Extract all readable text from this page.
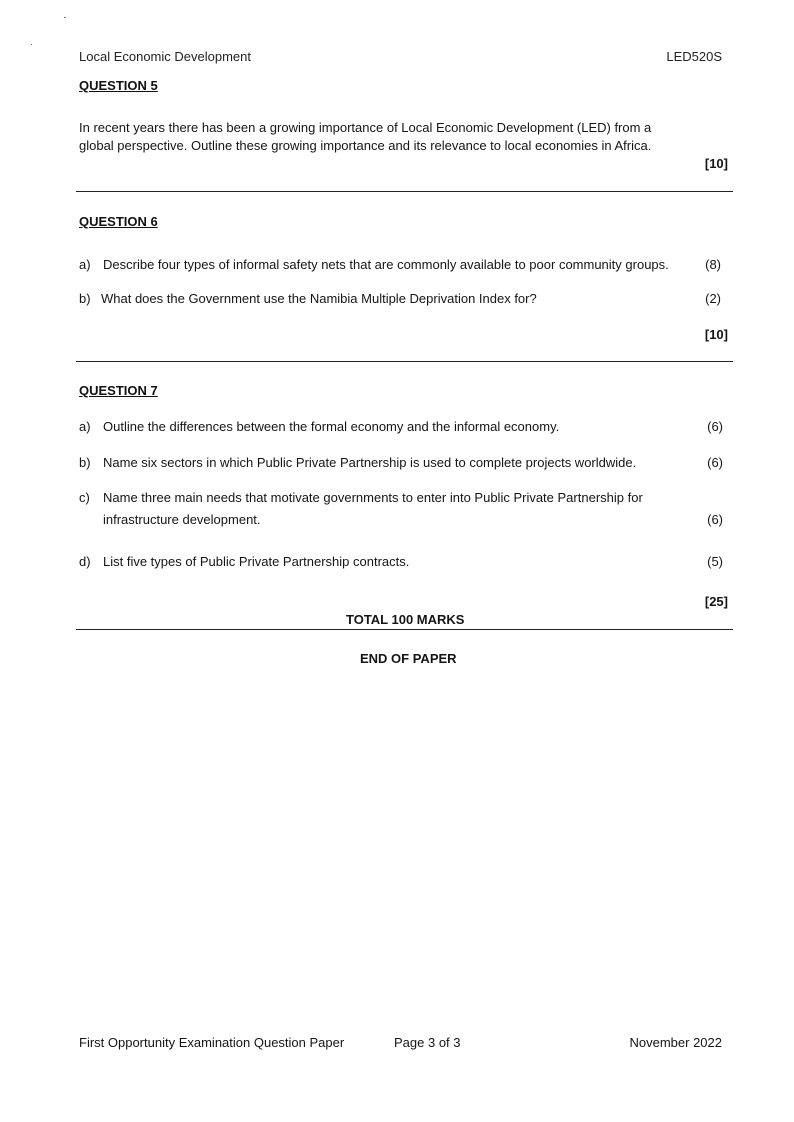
Local Economic Development	LED520S
QUESTION 5
In recent years there has been a growing importance of Local Economic Development (LED) from a
global perspective. Outline these growing importance and its relevance to local economies in Africa.
[10]
QUESTION 6
a) Describe four types of informal safety nets that are commonly available to poor community groups.	(8)
b) What does the Government use the Namibia Multiple Deprivation Index for?	(2)
[10]
QUESTION 7
a) Outline the differences between the formal economy and the informal economy.	(6)
b) Name six sectors in which Public Private Partnership is used to complete projects worldwide.	(6)
c) Name three main needs that motivate governments to enter into Public Private Partnership for
infrastructure development.	(6)
d) List five types of Public Private Partnership contracts.	(5)
[25]
TOTAL 100 MARKS
END OF PAPER
First Opportunity Examination Question Paper	Page 3 of 3	November 2022
